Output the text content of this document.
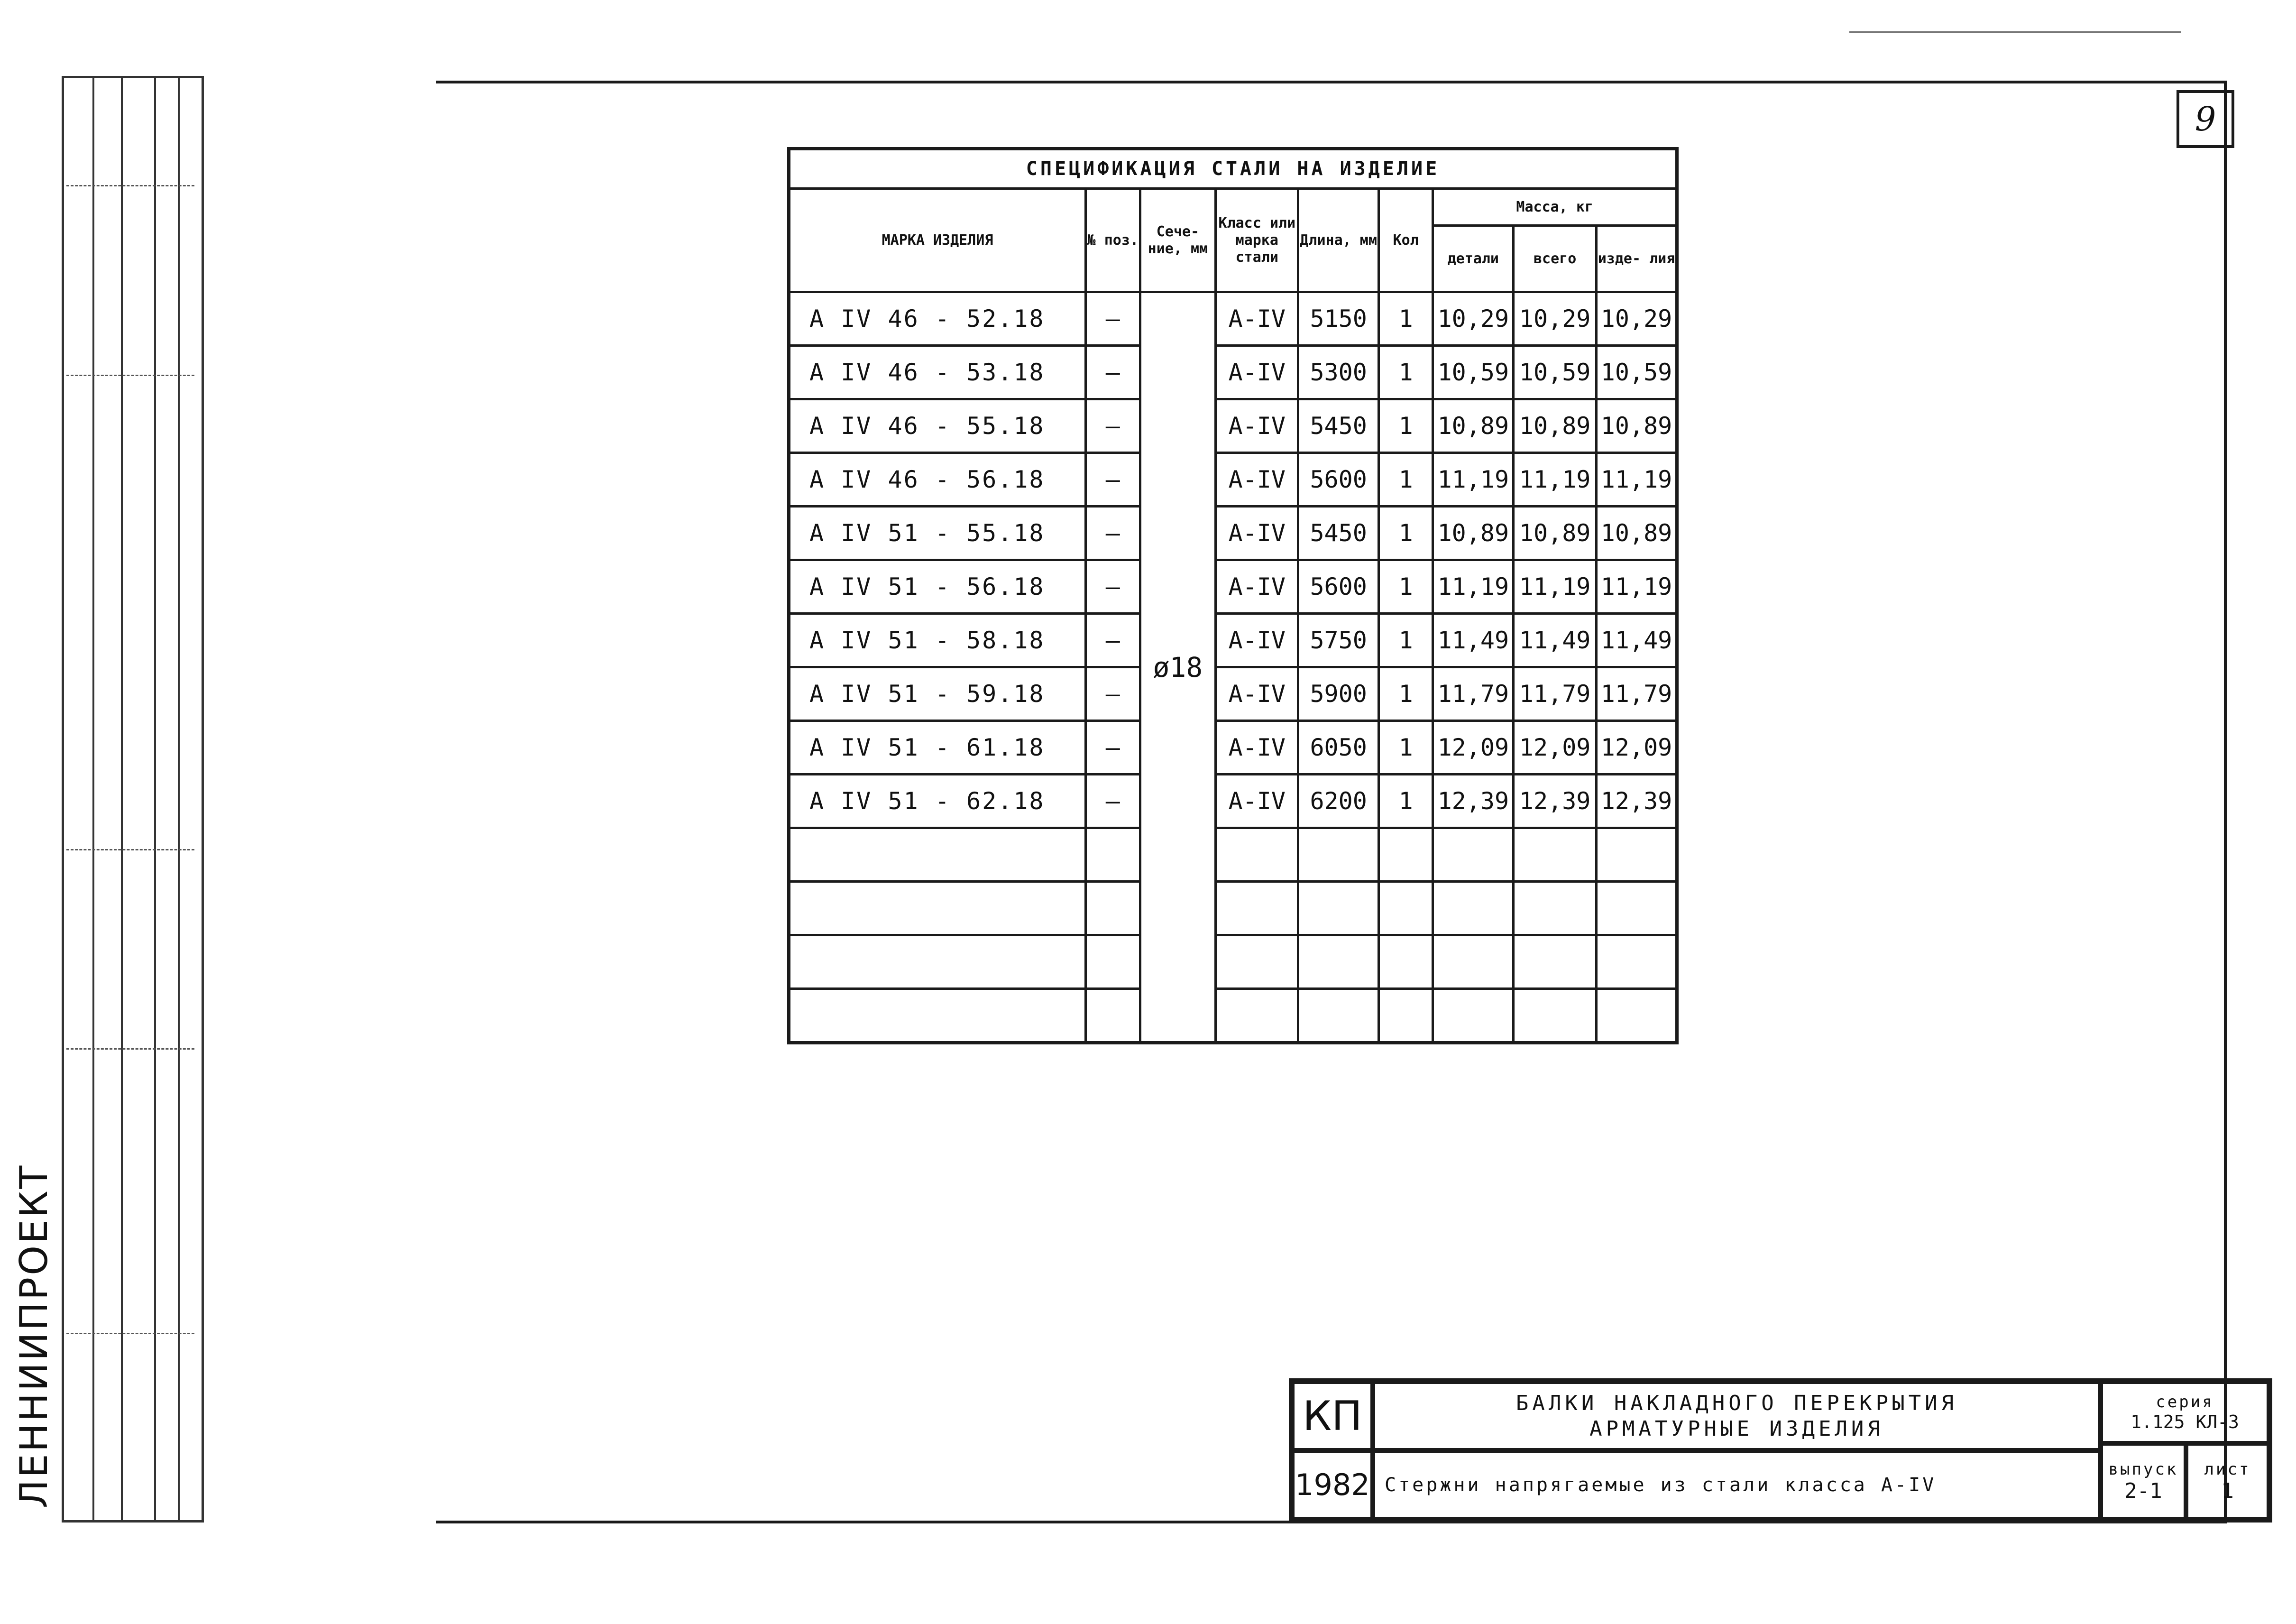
9
ЛЕННИИПРОЕКТ
СПЕЦИФИКАЦИЯ СТАЛИ НА ИЗДЕЛИЕ								
МАРКА ИЗДЕЛИЯ	№ поз.	Сече- ние, мм	Класс или марка стали	Длина, мм	Кол	Масса, кг		
						детали	всего	изде- лия
А IV 46 - 52.18	—	ø18	А-IV	5150	1	10,29	10,29	10,29
А IV 46 - 53.18	—		А-IV	5300	1	10,59	10,59	10,59
А IV 46 - 55.18	—		А-IV	5450	1	10,89	10,89	10,89
А IV 46 - 56.18	—		А-IV	5600	1	11,19	11,19	11,19
А IV 51 - 55.18	—		А-IV	5450	1	10,89	10,89	10,89
А IV 51 - 56.18	—		А-IV	5600	1	11,19	11,19	11,19
А IV 51 - 58.18	—		А-IV	5750	1	11,49	11,49	11,49
А IV 51 - 59.18	—		А-IV	5900	1	11,79	11,79	11,79
А IV 51 - 61.18	—		А-IV	6050	1	12,09	12,09	12,09
А IV 51 - 62.18	—		А-IV	6200	1	12,39	12,39	12,39

КП
1982
БАЛКИ НАКЛАДНОГО ПЕРЕКРЫТИЯ
АРМАТУРНЫЕ ИЗДЕЛИЯ
Стержни напрягаемые из стали класса А-IV
серия
1.125 КЛ-3
выпуск
2-1
лист
1
